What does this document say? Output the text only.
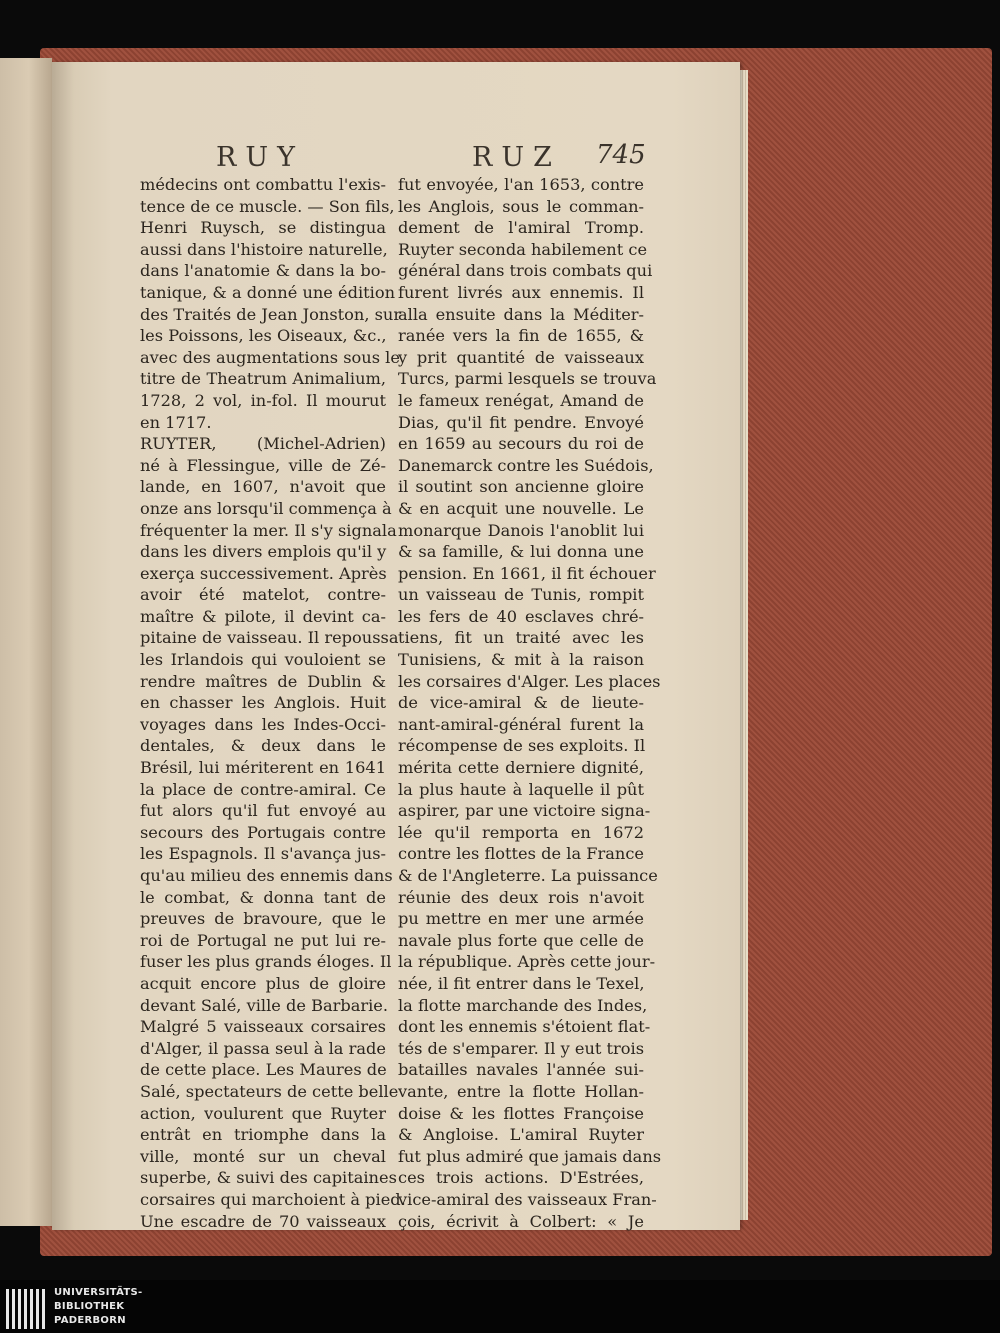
RUY	RUZ 745
médecins ont combattu l'exis-
tence de ce muscle. — Son fils,
Henri Ruysch, se distingua
aussi dans l'histoire naturelle,
dans l'anatomie & dans la bo-
tanique, & a donné une édition
des Traités de Jean Jonston, sur
les Poissons, les Oiseaux, &c.,
avec des augmentations sous le
titre de Theatrum Animalium,
1728, 2 vol, in-fol. Il mourut
en 1717.
RUYTER, (Michel-Adrien)
né à Flessingue, ville de Zé-
lande, en 1607, n'avoit que
onze ans lorsqu'il commença à
fréquenter la mer. Il s'y signala
dans les divers emplois qu'il y
exerça successivement. Après
avoir été matelot, contre-
maître & pilote, il devint ca-
pitaine de vaisseau. Il repoussa
les Irlandois qui vouloient se
rendre maîtres de Dublin &
en chasser les Anglois. Huit
voyages dans les Indes-Occi-
dentales, & deux dans le
Brésil, lui mériterent en 1641
la place de contre-amiral. Ce
fut alors qu'il fut envoyé au
secours des Portugais contre
les Espagnols. Il s'avança jus-
qu'au milieu des ennemis dans
le combat, & donna tant de
preuves de bravoure, que le
roi de Portugal ne put lui re-
fuser les plus grands éloges. Il
acquit encore plus de gloire
devant Salé, ville de Barbarie.
Malgré 5 vaisseaux corsaires
d'Alger, il passa seul à la rade
de cette place. Les Maures de
Salé, spectateurs de cette belle
action, voulurent que Ruyter
entrât en triomphe dans la
ville, monté sur un cheval
superbe, & suivi des capitaines
corsaires qui marchoient à pied.
Une escadre de 70 vaisseaux
fut envoyée, l'an 1653, contre
les Anglois, sous le comman-
dement de l'amiral Tromp.
Ruyter seconda habilement ce
général dans trois combats qui
furent livrés aux ennemis. Il
alla ensuite dans la Méditer-
ranée vers la fin de 1655, &
y prit quantité de vaisseaux
Turcs, parmi lesquels se trouva
le fameux renégat, Amand de
Dias, qu'il fit pendre. Envoyé
en 1659 au secours du roi de
Danemarck contre les Suédois,
il soutint son ancienne gloire
& en acquit une nouvelle. Le
monarque Danois l'anoblit lui
& sa famille, & lui donna une
pension. En 1661, il fit échouer
un vaisseau de Tunis, rompit
les fers de 40 esclaves chré-
tiens, fit un traité avec les
Tunisiens, & mit à la raison
les corsaires d'Alger. Les places
de vice-amiral & de lieute-
nant-amiral-général furent la
récompense de ses exploits. Il
mérita cette derniere dignité,
la plus haute à laquelle il pût
aspirer, par une victoire signa-
lée qu'il remporta en 1672
contre les flottes de la France
& de l'Angleterre. La puissance
réunie des deux rois n'avoit
pu mettre en mer une armée
navale plus forte que celle de
la république. Après cette jour-
née, il fit entrer dans le Texel,
la flotte marchande des Indes,
dont les ennemis s'étoient flat-
tés de s'emparer. Il y eut trois
batailles navales l'année sui-
vante, entre la flotte Hollan-
doise & les flottes Françoise
& Angloise. L'amiral Ruyter
fut plus admiré que jamais dans
ces trois actions. D'Estrées,
vice-amiral des vaisseaux Fran-
çois, écrivit à Colbert: « Je
UNIVERSITÄTS-
BIBLIOTHEK
PADERBORN
